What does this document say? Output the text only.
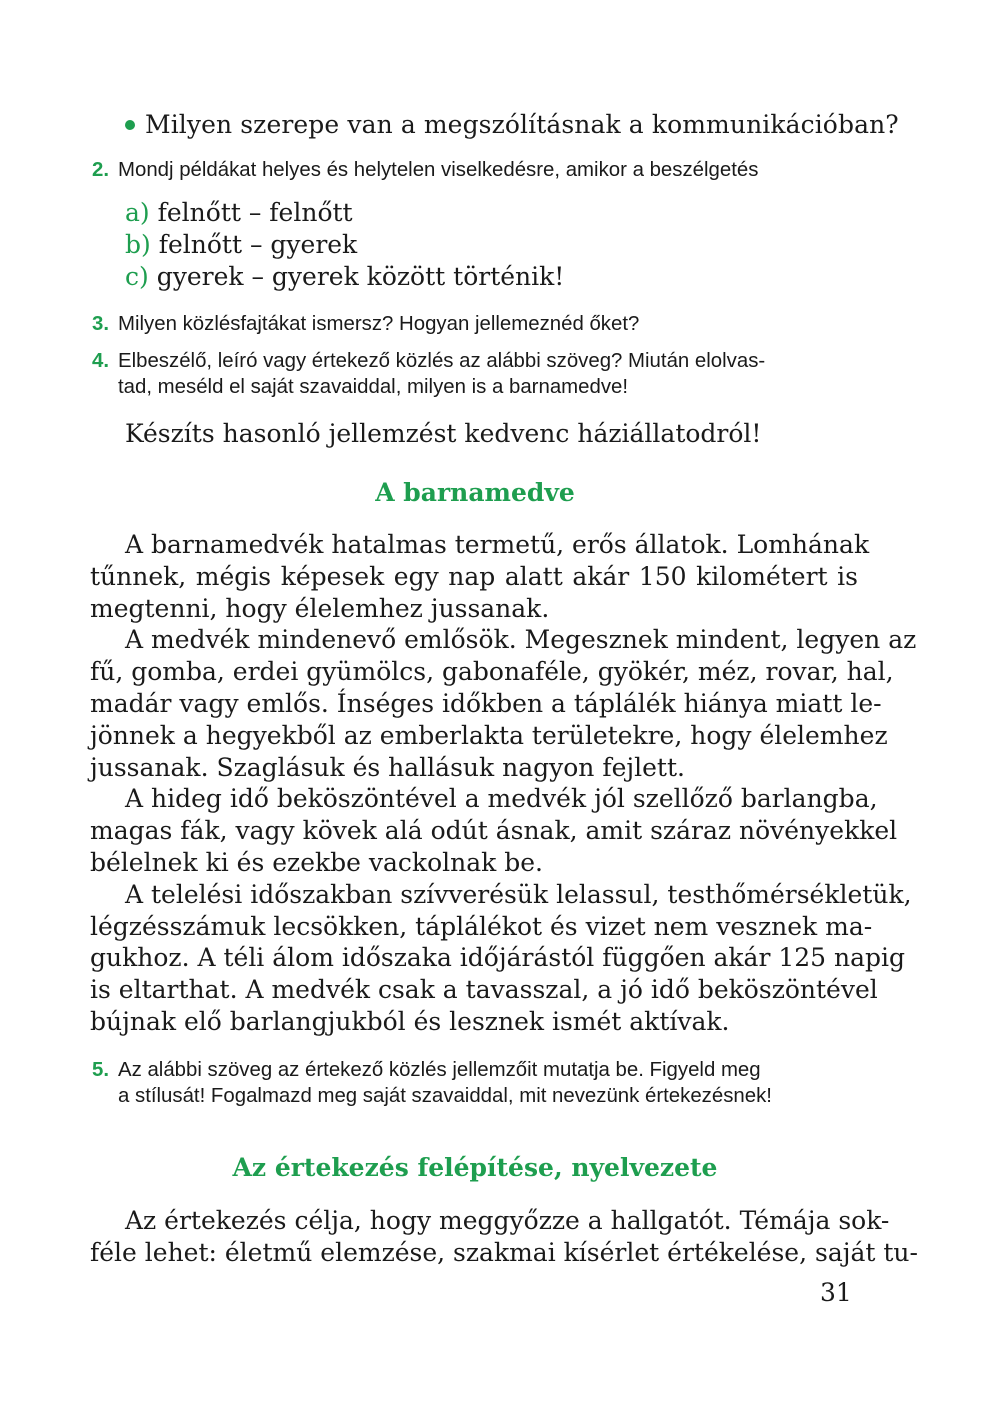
Milyen szerepe van a megszólításnak a kommunikációban?
2. Mondj példákat helyes és helytelen viselkedésre, amikor a beszélgetés
a) felnőtt – felnőtt
b) felnőtt – gyerek
c) gyerek – gyerek között történik!
3. Milyen közlésfajtákat ismersz? Hogyan jellemeznéd őket?
4. Elbeszélő, leíró vagy értekező közlés az alábbi szöveg? Miután elolvas-
tad, meséld el saját szavaiddal, milyen is a barnamedve!
Készíts hasonló jellemzést kedvenc háziállatodról!
A barnamedve

A barnamedvék hatalmas termetű, erős állatok. Lomhának
tűnnek, mégis képesek egy nap alatt akár 150 kilométert is
megtenni, hogy élelemhez jussanak.

A medvék mindenevő emlősök. Megesznek mindent, legyen az
fű, gomba, erdei gyümölcs, gabonaféle, gyökér, méz, rovar, hal,
madár vagy emlős. Ínséges időkben a táplálék hiánya miatt le-
jönnek a hegyekből az emberlakta területekre, hogy élelemhez
jussanak. Szaglásuk és hallásuk nagyon fejlett.

A hideg idő beköszöntével a medvék jól szellőző barlangba,
magas fák, vagy kövek alá odút ásnak, amit száraz növényekkel
bélelnek ki és ezekbe vackolnak be.

A telelési időszakban szívverésük lelassul, testhőmérsékletük,
légzésszámuk lecsökken, táplálékot és vizet nem vesznek ma-
gukhoz. A téli álom időszaka időjárástól függően akár 125 napig
is eltarthat. A medvék csak a tavasszal, a jó idő beköszöntével
bújnak elő barlangjukból és lesznek ismét aktívak.

5. Az alábbi szöveg az értekező közlés jellemzőit mutatja be. Figyeld meg
a stílusát! Fogalmazd meg saját szavaiddal, mit nevezünk értekezésnek!
Az értekezés felépítése, nyelvezete

Az értekezés célja, hogy meggyőzze a hallgatót. Témája sok-
féle lehet: életmű elemzése, szakmai kísérlet értékelése, saját tu-

31
